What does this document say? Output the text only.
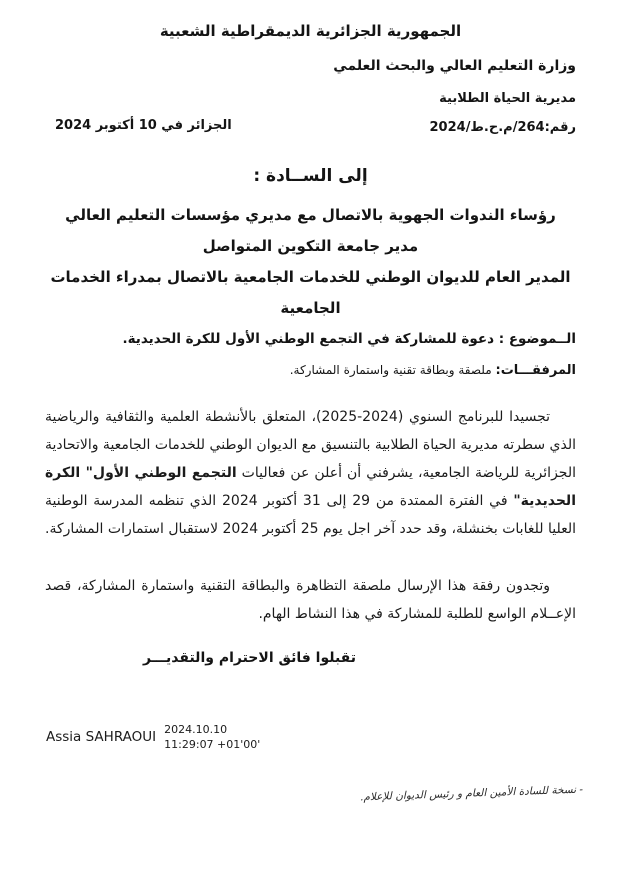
الجمهورية الجزائرية الديمقراطية الشعبية
وزارة التعليم العالي والبحث العلمي
مديرية الحياة الطلابية
رقم:264/م.ح.ط/2024
الجزائر في 10 أكتوبر 2024
إلى الســادة :
رؤساء الندوات الجهوية بالاتصال مع مديري مؤسسات التعليم العالي
مدير جامعة التكوين المتواصل
المدير العام للديوان الوطني للخدمات الجامعية بالاتصال بمدراء الخدمات الجامعية
الــموضوع : دعوة للمشاركة في التجمع الوطني الأول للكرة الحديدية.
المرفقـــات: ملصقة وبطاقة تقنية واستمارة المشاركة.
تجسيدا للبرنامج السنوي (2024-2025)، المتعلق بالأنشطة العلمية والثقافية والرياضية الذي سطرته مديرية الحياة الطلابية بالتنسيق مع الديوان الوطني للخدمات الجامعية والاتحادية الجزائرية للرياضة الجامعية، يشرفني أن أعلن عن فعاليات التجمع الوطني الأول" الكرة الحديدية" في الفترة الممتدة من 29 إلى 31 أكتوبر 2024 الذي تنظمه المدرسة الوطنية العليا للغابات بخنشلة، وقد حدد آخر اجل يوم 25 أكتوبر 2024 لاستقبال استمارات المشاركة.
وتجدون رفقة هذا الإرسال ملصقة التظاهرة والبطاقة التقنية واستمارة المشاركة، قصد الإعــلام الواسع للطلبة للمشاركة في هذا النشاط الهام.
تقبلوا فائق الاحترام والتقديـــر
Assia SAHRAOUI 2024.10.10
11:29:07 +01'00'
- نسخة للسادة الأمين العام و رئيس الديوان للإعلام.
